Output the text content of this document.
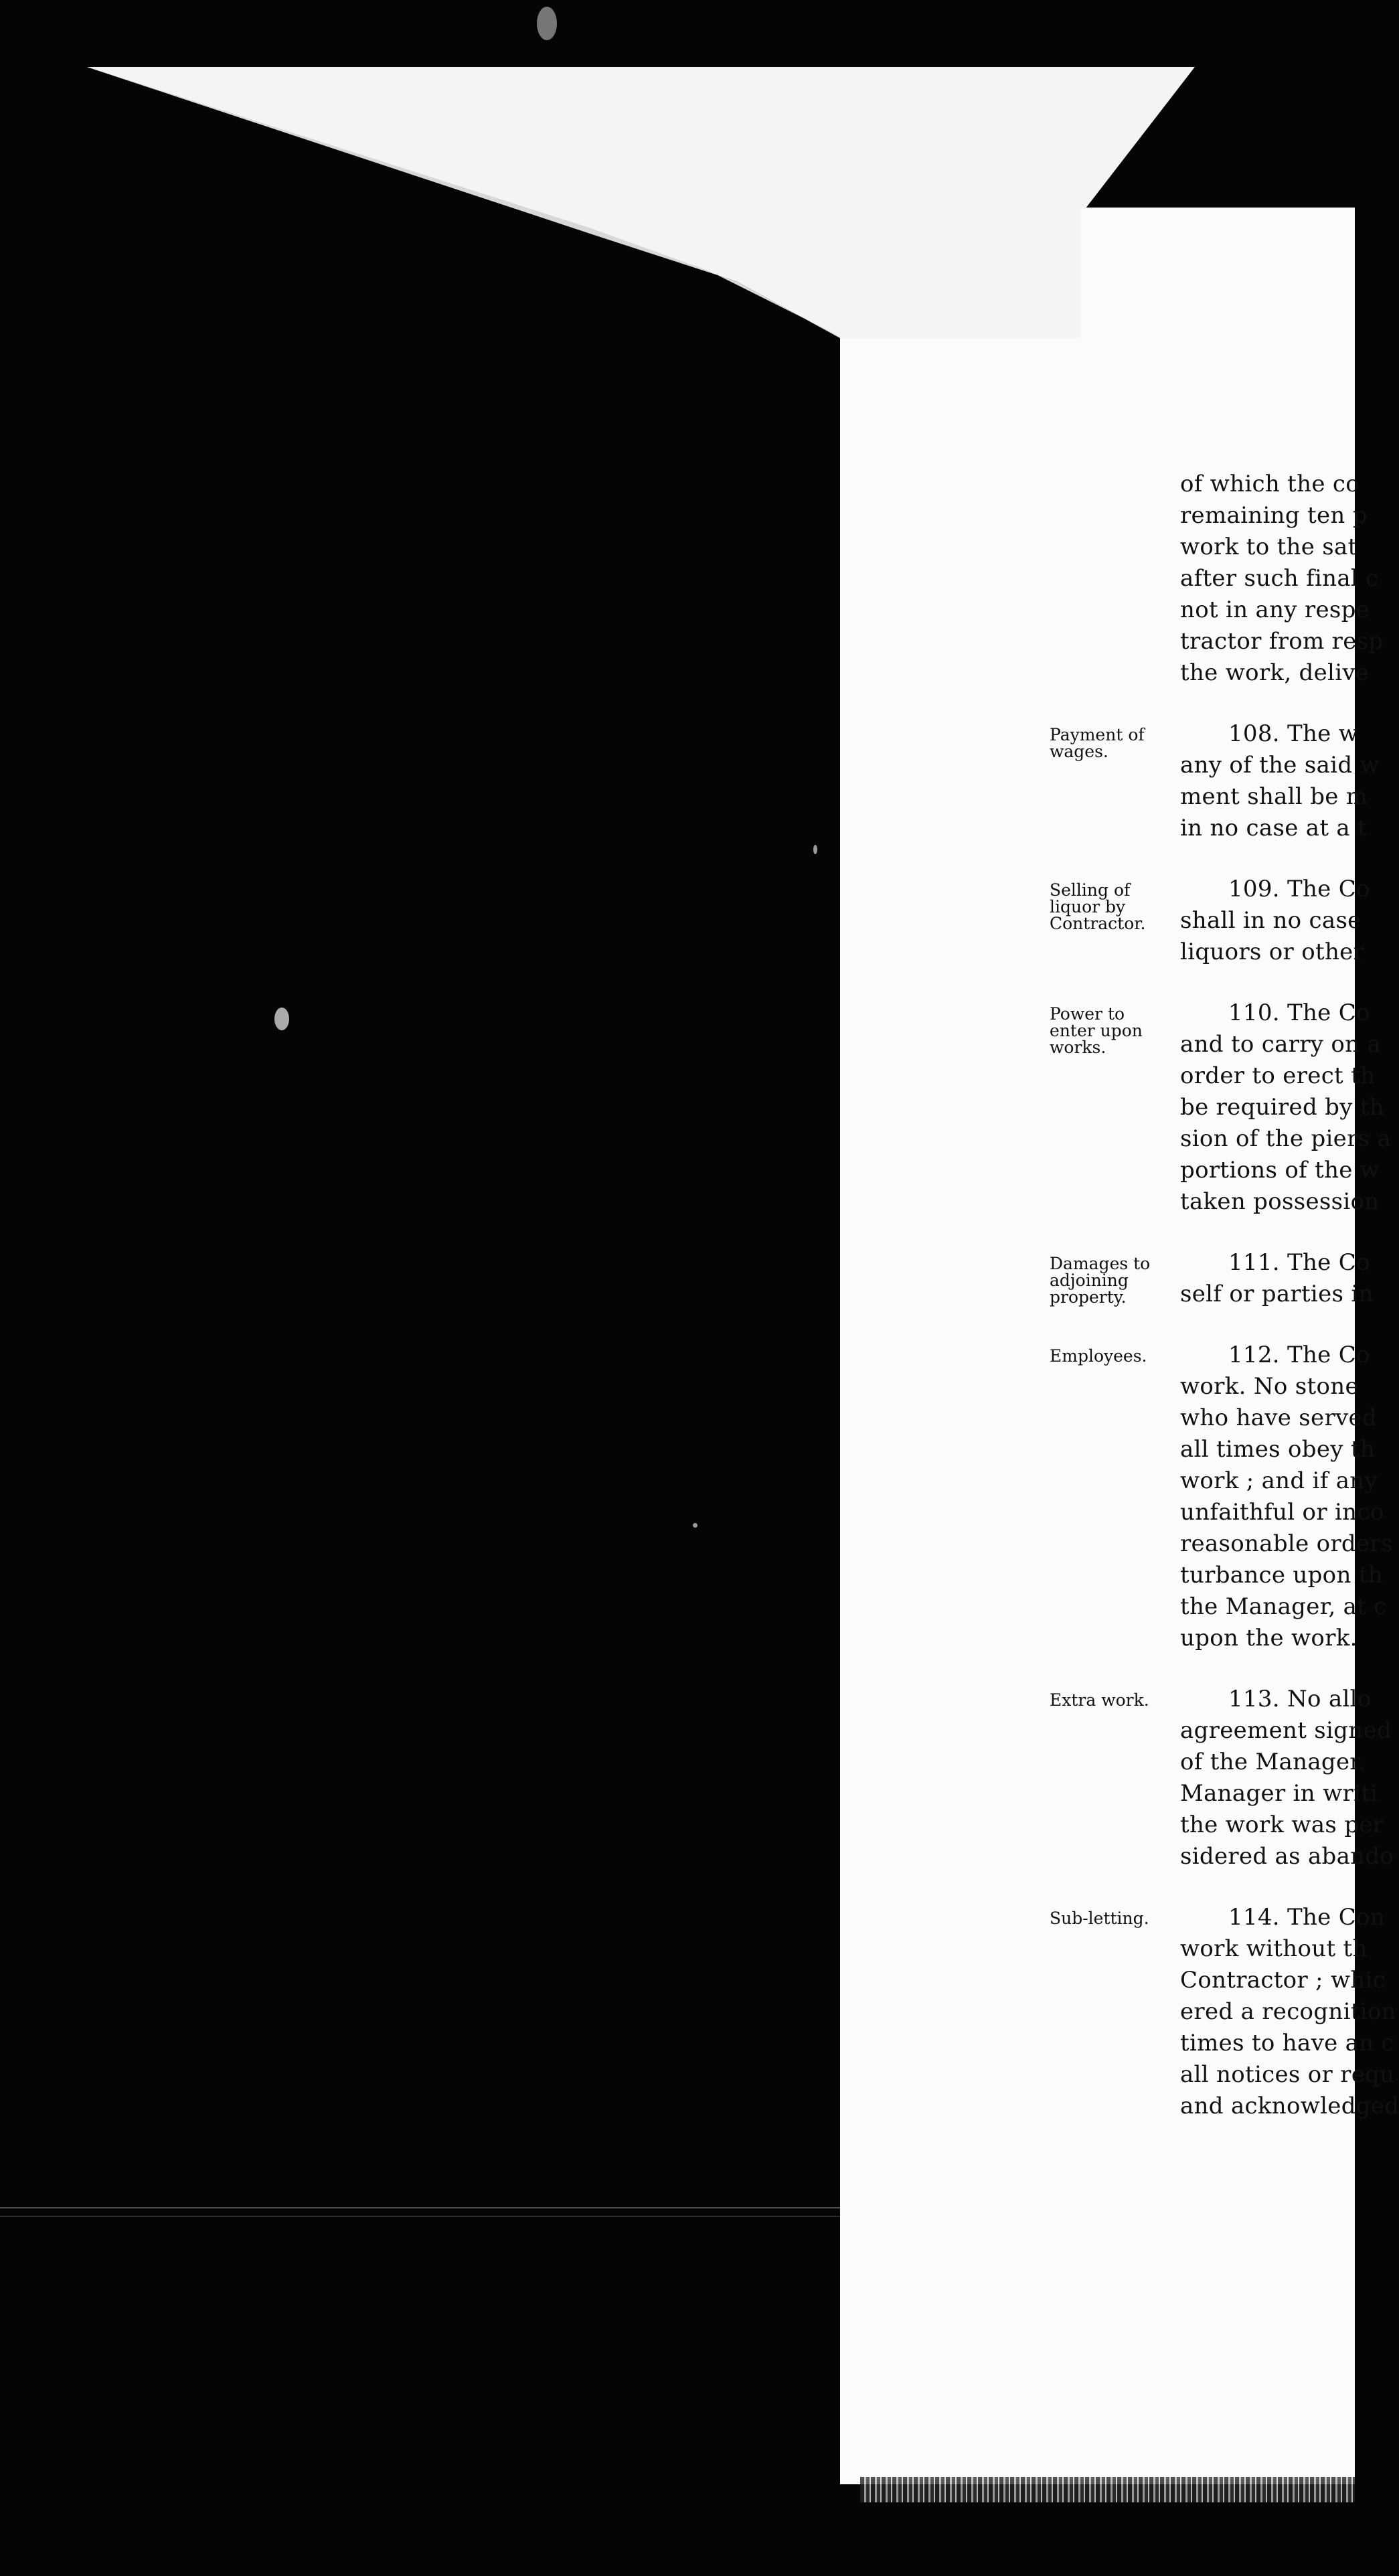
of which the co
remaining ten p
work to the sat
after such final c
not in any respe
tractor from resp
the work, delive
108. The w
any of the said w
ment shall be m
in no case at a t
109. The Co
shall in no case
liquors or other
110. The Co
and to carry on a
order to erect th
be required by th
sion of the piers a
portions of the w
taken possession
111. The Co
self or parties in
112. The Co
work. No stone
who have served
all times obey th
work ; and if any
unfaithful or inco
reasonable orders
turbance upon th
the Manager, at c
upon the work.
113. No allo
agreement signed
of the Manager.
Manager in writi
the work was per
sidered as abando
114. The Con
work without th
Contractor ; whic
ered a recognition
times to have an c
all notices or requ
and acknowledged
Payment of
wages.
Selling of
liquor by
Contractor.
Power to
enter upon
works.
Damages to
adjoining
property.
Employees.
Extra work.
Sub-letting.
